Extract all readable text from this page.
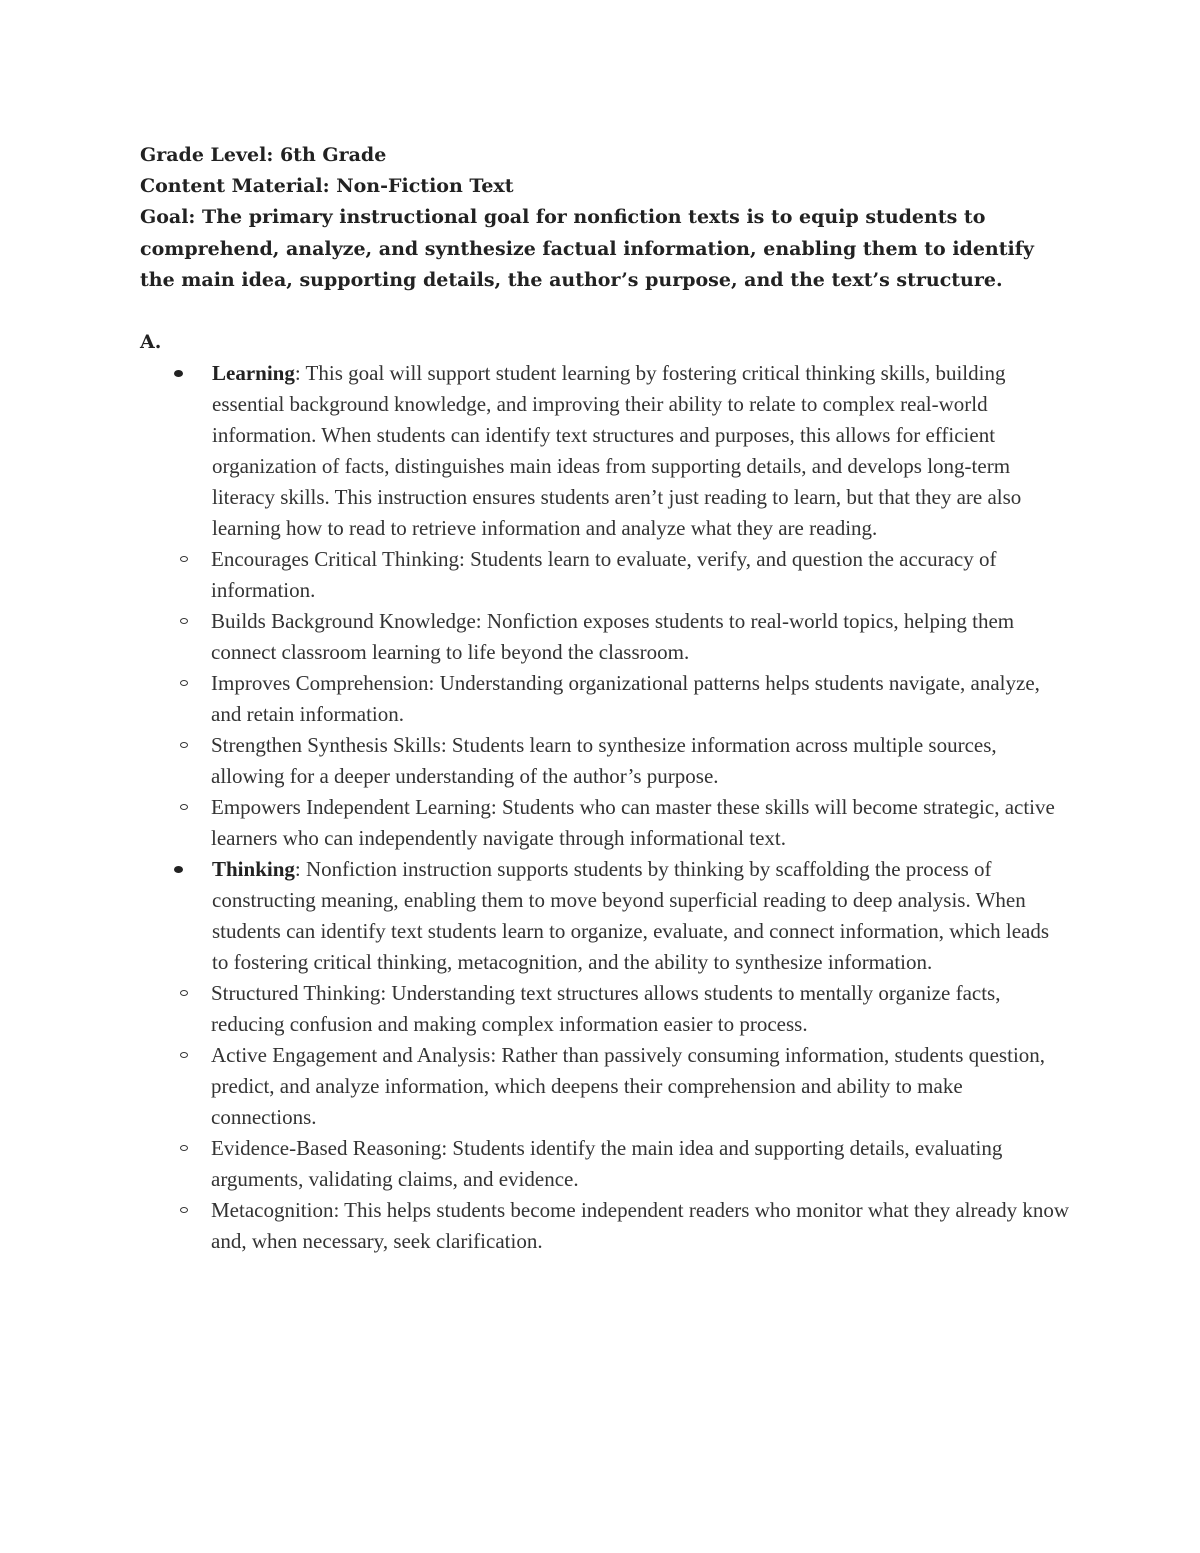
Grade Level: 6th Grade

Content Material: Non-Fiction Text

Goal: The primary instructional goal for nonfiction texts is to equip students to comprehend, analyze, and synthesize factual information, enabling them to identify the main idea, supporting details, the author’s purpose, and the text’s structure.

A.

Learning: This goal will support student learning by fostering critical thinking skills, building essential background knowledge, and improving their ability to relate to complex real-world information. When students can identify text structures and purposes, this allows for efficient organization of facts, distinguishes main ideas from supporting details, and develops long-term literacy skills. This instruction ensures students aren’t just reading to learn, but that they are also learning how to read to retrieve information and analyze what they are reading.
Encourages Critical Thinking: Students learn to evaluate, verify, and question the accuracy of information.
Builds Background Knowledge: Nonfiction exposes students to real-world topics, helping them connect classroom learning to life beyond the classroom.
Improves Comprehension: Understanding organizational patterns helps students navigate, analyze, and retain information.
Strengthen Synthesis Skills: Students learn to synthesize information across multiple sources, allowing for a deeper understanding of the author’s purpose.
Empowers Independent Learning: Students who can master these skills will become strategic, active learners who can independently navigate through informational text.
Thinking: Nonfiction instruction supports students by thinking by scaffolding the process of constructing meaning, enabling them to move beyond superficial reading to deep analysis. When students can identify text students learn to organize, evaluate, and connect information, which leads to fostering critical thinking, metacognition, and the ability to synthesize information.
Structured Thinking: Understanding text structures allows students to mentally organize facts, reducing confusion and making complex information easier to process.
Active Engagement and Analysis: Rather than passively consuming information, students question, predict, and analyze information, which deepens their comprehension and ability to make connections.
Evidence-Based Reasoning: Students identify the main idea and supporting details, evaluating arguments, validating claims, and evidence.
Metacognition: This helps students become independent readers who monitor what they already know and, when necessary, seek clarification.
